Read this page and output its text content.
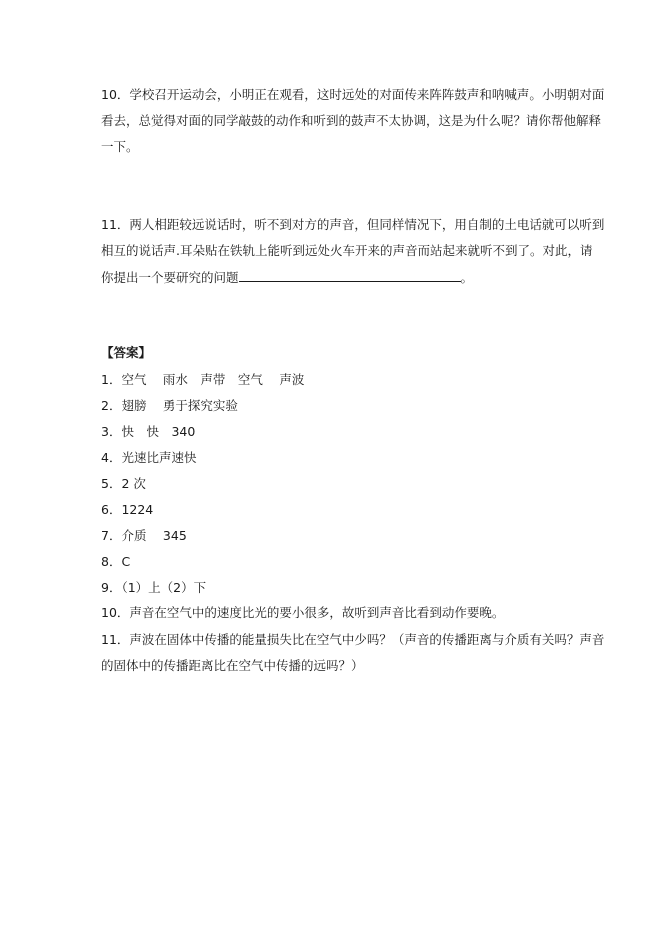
10．学校召开运动会，小明正在观看，这时远处的对面传来阵阵鼓声和呐喊声。小明朝对面
看去，总觉得对面的同学敲鼓的动作和听到的鼓声不太协调，这是为什么呢？请你帮他解释
一下。
11．两人相距较远说话时，听不到对方的声音，但同样情况下，用自制的土电话就可以听到
相互的说话声.耳朵贴在铁轨上能听到远处火车开来的声音而站起来就听不到了。对此，请
你提出一个要研究的问题	。
【答案】
1．空气　 雨水　声带　空气　 声波
2．翅膀　 勇于探究实验
3．快　快　340
4．光速比声速快
5．2 次
6．1224
7．介质　 345
8．C
9．（1）上（2）下
10．声音在空气中的速度比光的要小很多，故听到声音比看到动作要晚。
11．声波在固体中传播的能量损失比在空气中少吗？（声音的传播距离与介质有关吗？声音
的固体中的传播距离比在空气中传播的远吗？）
